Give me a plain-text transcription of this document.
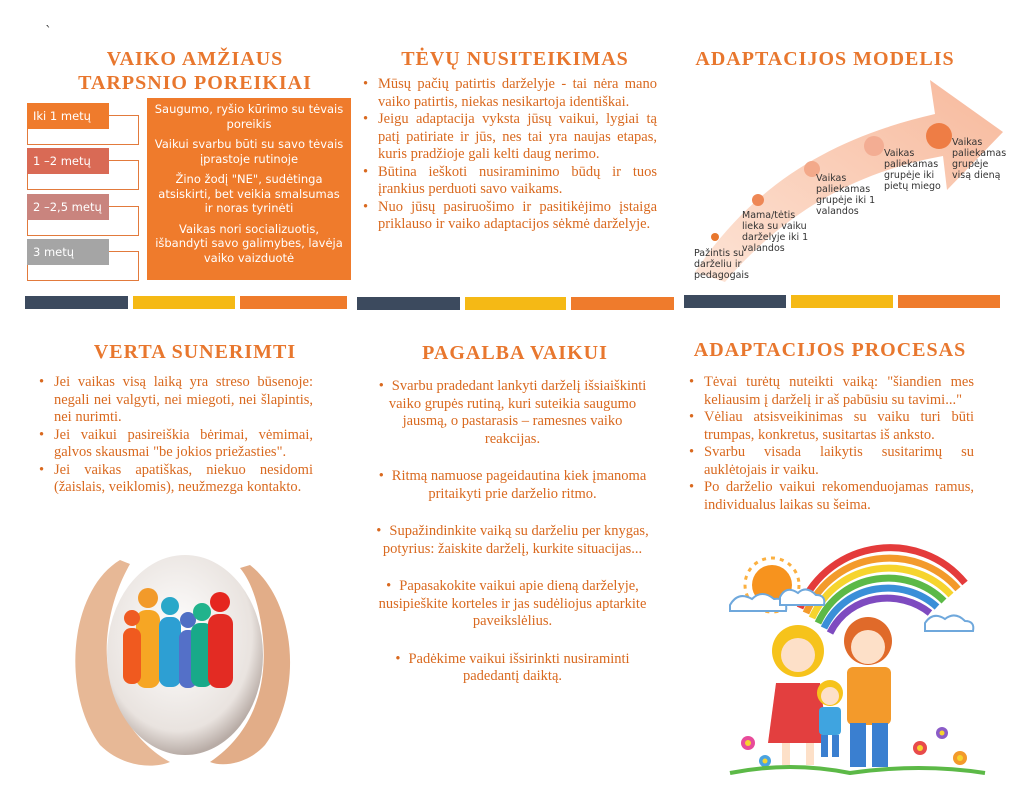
`
VAIKO AMŽIAUS
TARPSNIO POREIKIAI
Iki 1 metų
1 –2 metų
2 –2,5 metų
3 metų
Saugumo, ryšio kūrimo su tėvais poreikis
Vaikui svarbu būti su savo tėvais įprastoje rutinoje
Žino žodį "NE", sudėtinga atsiskirti, bet veikia smalsumas ir noras tyrinėti
Vaikas nori socializuotis, išbandyti savo galimybes, lavėja vaiko vaizduotė
TĖVŲ NUSITEIKIMAS
• Mūsų pačių patirtis darželyje - tai nėra mano vaiko patirtis, niekas nesikartoja identiškai.
• Jeigu adaptacija vyksta jūsų vaikui, lygiai tą patį patiriate ir jūs, nes tai yra naujas etapas, kuris pradžioje gali kelti daug nerimo.
• Būtina ieškoti nusiraminimo būdų ir tuos įrankius perduoti savo vaikams.
• Nuo jūsų pasiruošimo ir pasitikėjimo įstaiga priklauso ir vaiko adaptacijos sėkmė darželyje.
ADAPTACIJOS MODELIS
Pažintis su darželiu ir pedagogais
Mama/tėtis lieka su vaiku darželyje iki 1 valandos
Vaikas paliekamas grupėje iki 1 valandos
Vaikas paliekamas grupėje iki pietų miego
Vaikas paliekamas grupėje visą dieną
VERTA SUNERIMTI
• Jei vaikas visą laiką yra streso būsenoje: negali nei valgyti, nei miegoti, nei šlapintis, nei nurimti.
• Jei vaikui pasireiškia bėrimai, vėmimai, galvos skausmai "be jokios priežasties".
• Jei vaikas apatiškas, niekuo nesidomi (žaislais, veiklomis), neužmezga kontakto.
PAGALBA VAIKUI
• Svarbu pradedant lankyti darželį išsiaiškinti vaiko grupės rutiną, kuri suteikia saugumo jausmą, o pastarasis – ramesnes vaiko reakcijas.
• Ritmą namuose pageidautina kiek įmanoma pritaikyti prie darželio ritmo.
• Supažindinkite vaiką su darželiu per knygas, potyrius: žaiskite darželį, kurkite situacijas...
• Papasakokite vaikui apie dieną darželyje, nusipieškite korteles ir jas sudėliojus aptarkite paveikslėlius.
• Padėkime vaikui išsirinkti nusiraminti padedantį daiktą.
ADAPTACIJOS PROCESAS
• Tėvai turėtų nuteikti vaiką: "šiandien mes keliausim į darželį ir aš pabūsiu su tavimi..."
• Vėliau atsisveikinimas su vaiku turi būti trumpas, konkretus, susitartas iš anksto.
• Svarbu visada laikytis susitarimų su auklėtojais ir vaiku.
• Po darželio vaikui rekomenduojamas ramus, individualus laikas su šeima.
